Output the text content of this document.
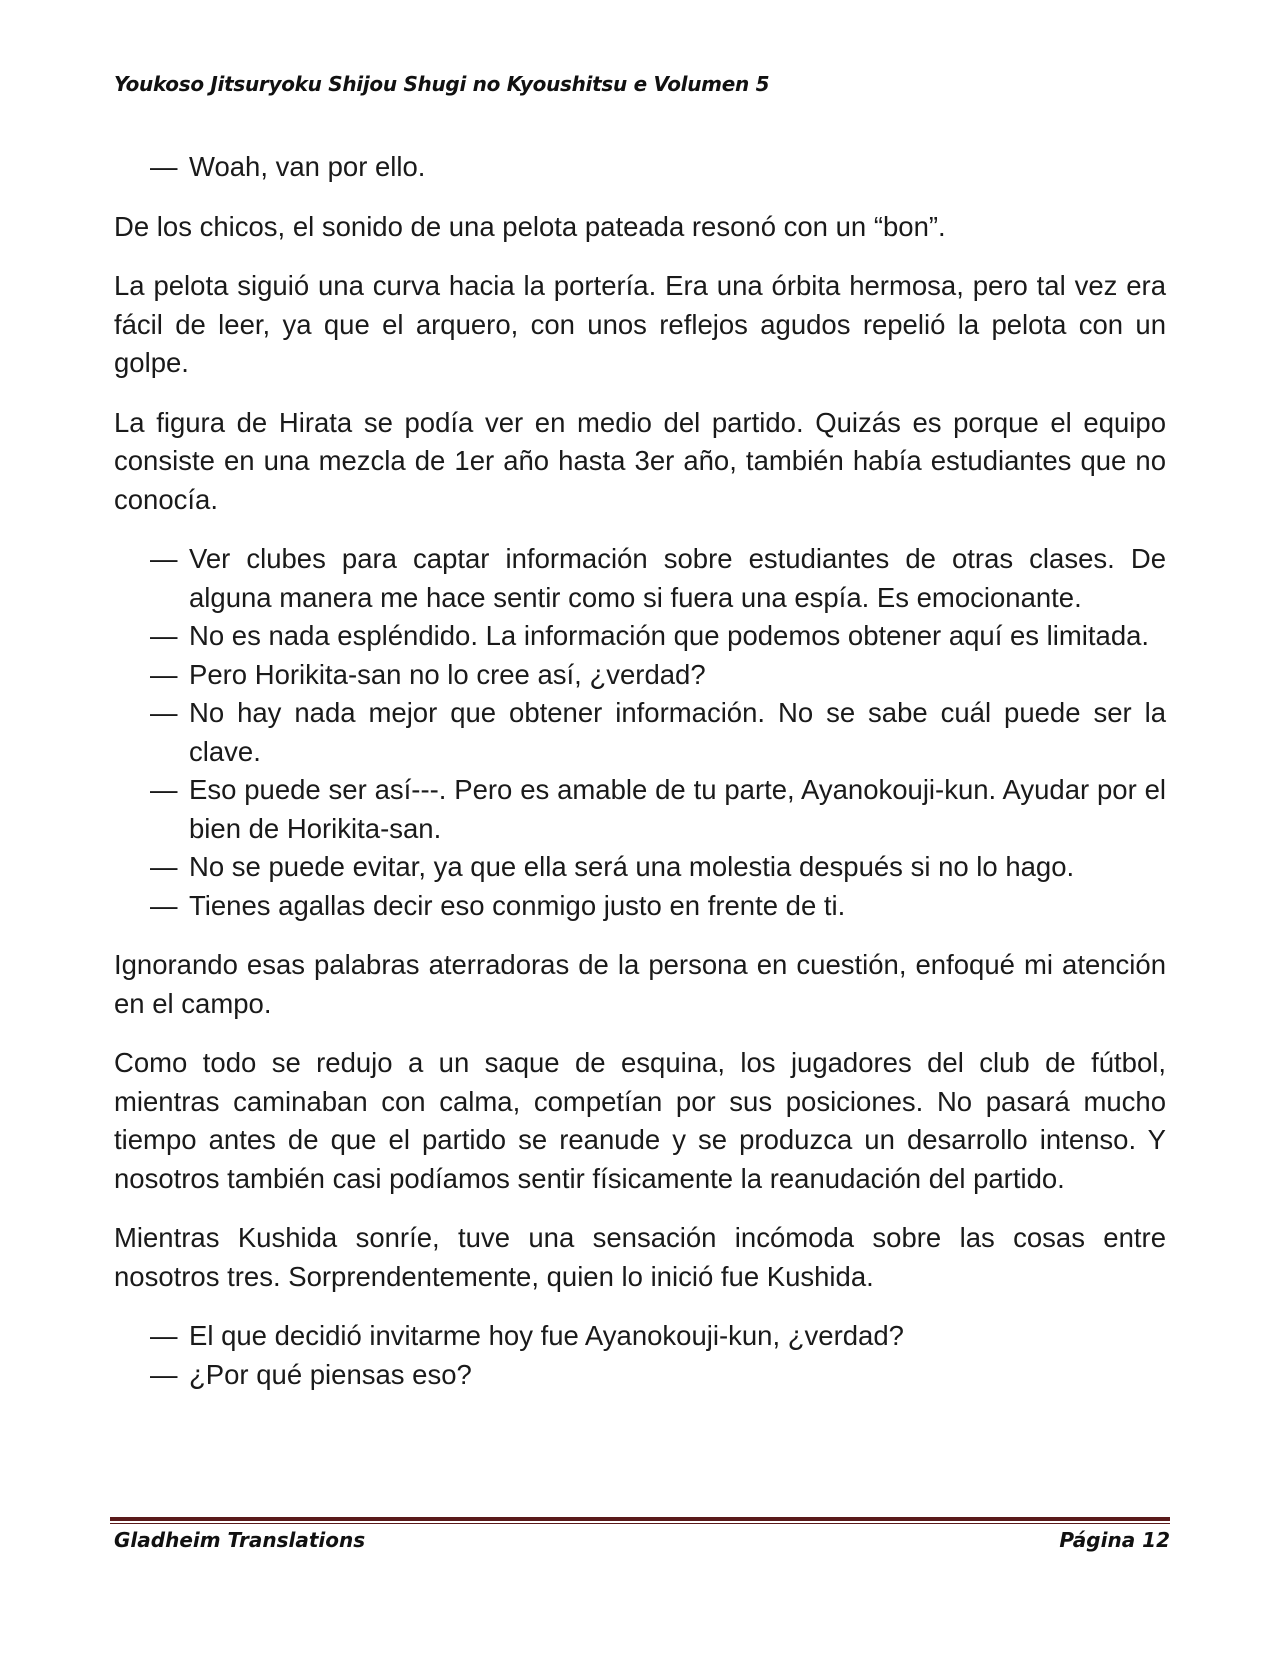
Youkoso Jitsuryoku Shijou Shugi no Kyoushitsu e Volumen 5
— Woah, van por ello.

De los chicos, el sonido de una pelota pateada resonó con un “bon”.

La pelota siguió una curva hacia la portería. Era una órbita hermosa, pero tal vez era fácil de leer, ya que el arquero, con unos reflejos agudos repelió la pelota con un golpe.

La figura de Hirata se podía ver en medio del partido. Quizás es porque el equipo consiste en una mezcla de 1er año hasta 3er año, también había estudiantes que no conocía.

— Ver clubes para captar información sobre estudiantes de otras clases. De alguna manera me hace sentir como si fuera una espía. Es emocionante.
— No es nada espléndido. La información que podemos obtener aquí es limitada.
— Pero Horikita-san no lo cree así, ¿verdad?
— No hay nada mejor que obtener información. No se sabe cuál puede ser la clave.
— Eso puede ser así---. Pero es amable de tu parte, Ayanokouji-kun. Ayudar por el bien de Horikita-san.
— No se puede evitar, ya que ella será una molestia después si no lo hago.
— Tienes agallas decir eso conmigo justo en frente de ti.

Ignorando esas palabras aterradoras de la persona en cuestión, enfoqué mi atención en el campo.

Como todo se redujo a un saque de esquina, los jugadores del club de fútbol, mientras caminaban con calma, competían por sus posiciones. No pasará mucho tiempo antes de que el partido se reanude y se produzca un desarrollo intenso. Y nosotros también casi podíamos sentir físicamente la reanudación del partido.

Mientras Kushida sonríe, tuve una sensación incómoda sobre las cosas entre nosotros tres. Sorprendentemente, quien lo inició fue Kushida.

— El que decidió invitarme hoy fue Ayanokouji-kun, ¿verdad?
— ¿Por qué piensas eso?
Gladheim Translations	Página 12
